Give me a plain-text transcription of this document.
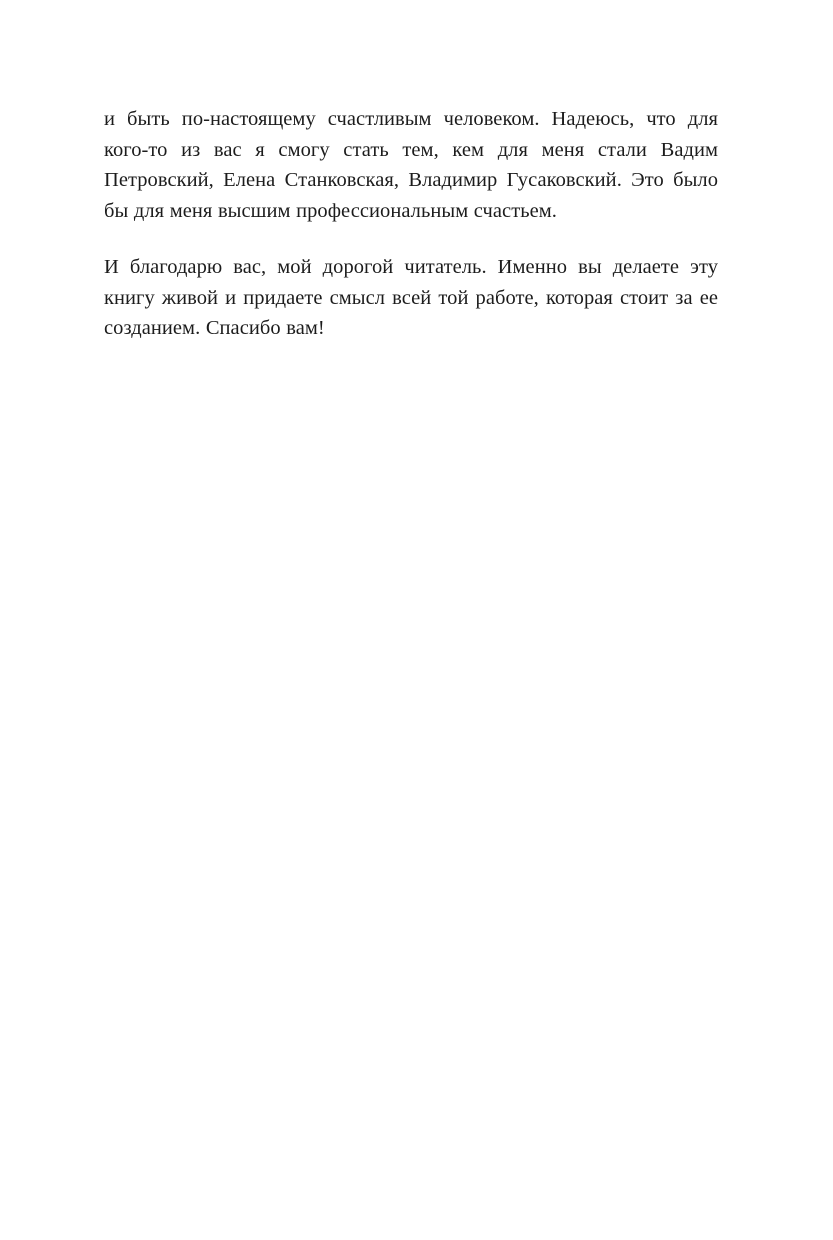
и быть по-настоящему счастливым человеком. Надеюсь, что для кого-то из вас я смогу стать тем, кем для меня стали Вадим Петровский, Елена Станковская, Владимир Гусаковский. Это было бы для меня высшим профессиональным счастьем.

И благодарю вас, мой дорогой читатель. Именно вы делаете эту книгу живой и придаете смысл всей той работе, которая стоит за ее созданием. Спасибо вам!
